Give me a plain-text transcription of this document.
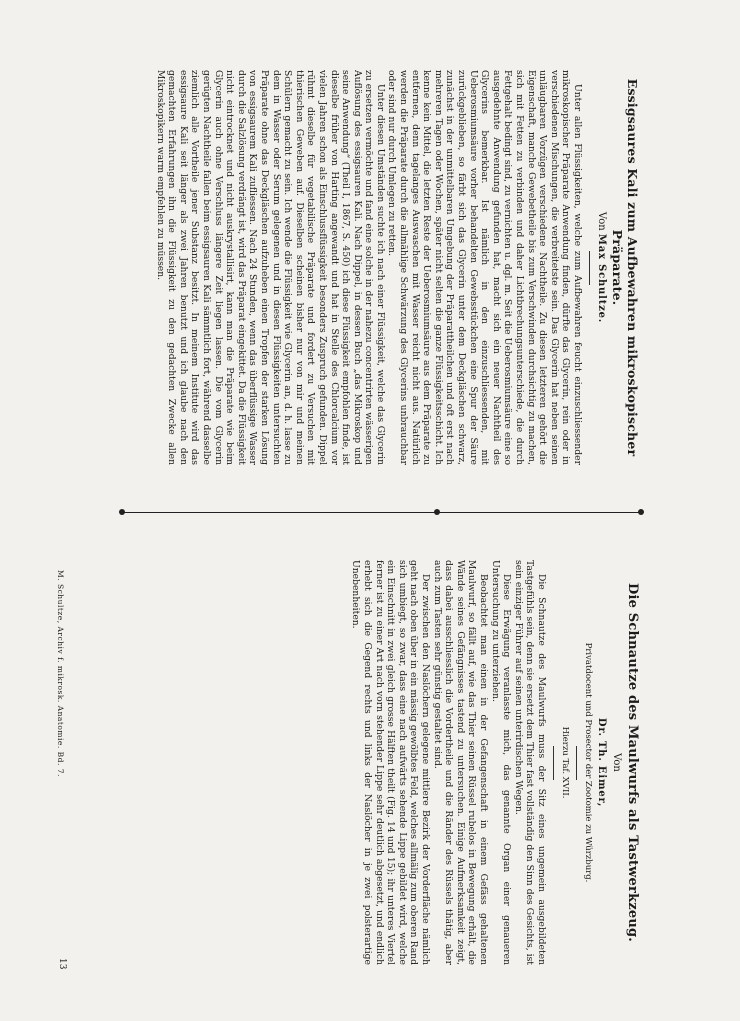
Essigsaures Kali zum Aufbewahren mikroskopischer Präparate.
Von Max Schultze.

Unter allen Flüssigkeiten, welche zum Aufbewahren feucht einzuschliessender mikroskopischer Präparate Anwendung finden, dürfte das Glycerin, rein oder in verschiedenen Mischungen, die verbreitetste sein. Das Glycerin hat neben seinen unläugbaren Vorzügen verschiedene Nachtheile. Zu diesen letzteren gehört die Eigenschaft, manche Gewebetheile bis zum Verschwinden durchsichtig zu machen, sich mit Fetten zu verbinden und daher Lichtbrechungsunterschiede, die durch Fettgehalt bedingt sind, zu vernichten u. dgl. m. Seit die Ueberosmiumsäure eine so ausgedehnte Anwendung gefunden hat, macht sich ein neuer Nachtheil des Glycerins bemerkbar. Ist nämlich in den einzuschliessenden, mit Ueberosmiumsäure vorher behandelten Gewebsstückchen eine Spur der Säure zurückgeblieben, so färbt sich das Glycerin unter dem Deckgläschen schwarz, zunächst in der unmittelbaren Umgebung der Präparattheilchen und oft erst nach mehreren Tagen oder Wochen, später nicht selten die ganze Flüssigkeitsschicht. Ich kenne kein Mittel, die letzten Reste der Ueberosmiumsäure aus dem Präparate zu entfernen, denn tagelanges Auswaschen mit Wasser reicht nicht aus. Natürlich werden die Präparate durch die allmählige Schwärzung des Glycerins unbrauchbar oder sind nur durch Umlegen zu retten.

Unter diesen Umständen suchte ich nach einer Flüssigkeit, welche das Glycerin zu ersetzen vermöchte und fand eine solche in der nahezu concentrirten wässerigen Auflösung des essigsauren Kali. Nach Dippel, in dessen Buch „das Mikroskop und seine Anwendung“ (Theil I, 1867, S. 450) ich diese Flüssigkeit empfohlen finde, ist dieselbe früher von Harting angewandt und hat in Stelle des Chlorcalcium vor vielen Jahren schon als Einschlussflüssigkeit besonders Zuspruch gefunden. Dippel rühmt dieselbe für vegetabilische Präparate und fordert zu Versuchen mit thierischen Geweben auf. Dieselben scheinen bisher nur von mir und meinen Schülern gemacht zu sein. Ich wende die Flüssigkeit wie Glycerin an, d. h. lasse zu dem in Wasser oder Serum gelegenen und in diesen Flüssigkeiten untersuchten Präparate ohne das Deckgläschen aufzuheben einen Tropfen der starken Lösung von essigsaurem Kali zufliessen. Nach 24 Stunden, wenn das überflüssige Wasser durch die Salzlösung verdrängt ist, wird das Präparat eingekittet. Da die Flüssigkeit nicht eintrocknet und nicht auskrystallisirt, kann man die Präparate wie beim Glycerin auch ohne Verschluss längere Zeit liegen lassen. Die vom Glycerin gerügten Nachtheile fallen beim essigsauren Kali sämmtlich fort, während dasselbe ziemlich alle Vortheile jener Substanz besitzt. In meinem Institute wird das essigsaure Kali seit länger als zwei Jahren benutzt und ich glaube nach den gemachten Erfahrungen ihn die Flüssigkeit zu den gedachten Zwecke allen Mikroskopikern warm empfehlen zu müssen.

Die Schnautze des Maulwurfs als Tastwerkzeug.
Von
Dr. Th. Eimer,
Privatdocent und Prosector der Zootomie zu Würzburg.
Hierzu Taf. XVII.

Die Schnautze des Maulwurfs muss der Sitz eines ungemein ausgebildeten Tastgefühls sein, denn sie ersetzt dem Thier fast vollständig den Sinn des Gesichts, ist sein einziger Führer auf seinen unterirdischen Wegen.

Diese Erwägung veranlasste mich, das genannte Organ einer genaueren Untersuchung zu unterziehen.

Beobachtet man einen in der Gefangenschaft in einem Gefäss gehaltenen Maulwurf, so fällt auf, wie das Thier seinen Rüssel rubelos in Bewegung erhält, die Wände seines Gefängnisses tastend zu untersuchen. Einige Aufmerksamkeit zeigt, dass dabei ausschliesslich die Vordertheile und die Ränder des Rüssels thätig, aber auch zum Tasten sehr günstig gestaltet sind.

Der zwischen den Naslöchern gelegene mittlere Bezirk der Vorderfläche nämlich geht nach oben über in ein mässig gewölbtes Feld, welches allmälig zum oberen Rand sich umbiegt, so zwar, dass eine nach aufwärts sehende Lippe gebildet wird, welche ein Einschnitt in zwei gleich grosse Hälften theilt (Fig. 14 und 15); ihr unteres Viertel ferner ist zu einer Art nach vorn stehender Lippe sehr deutlich abgesetzt, und endlich erhebt sich die Gegend rechts und links der Naslöcher in je zwei polsterartige Unebenheiten.

M. Schultze, Archiv f. mikrosk. Anatomie. Bd. 7.
13
